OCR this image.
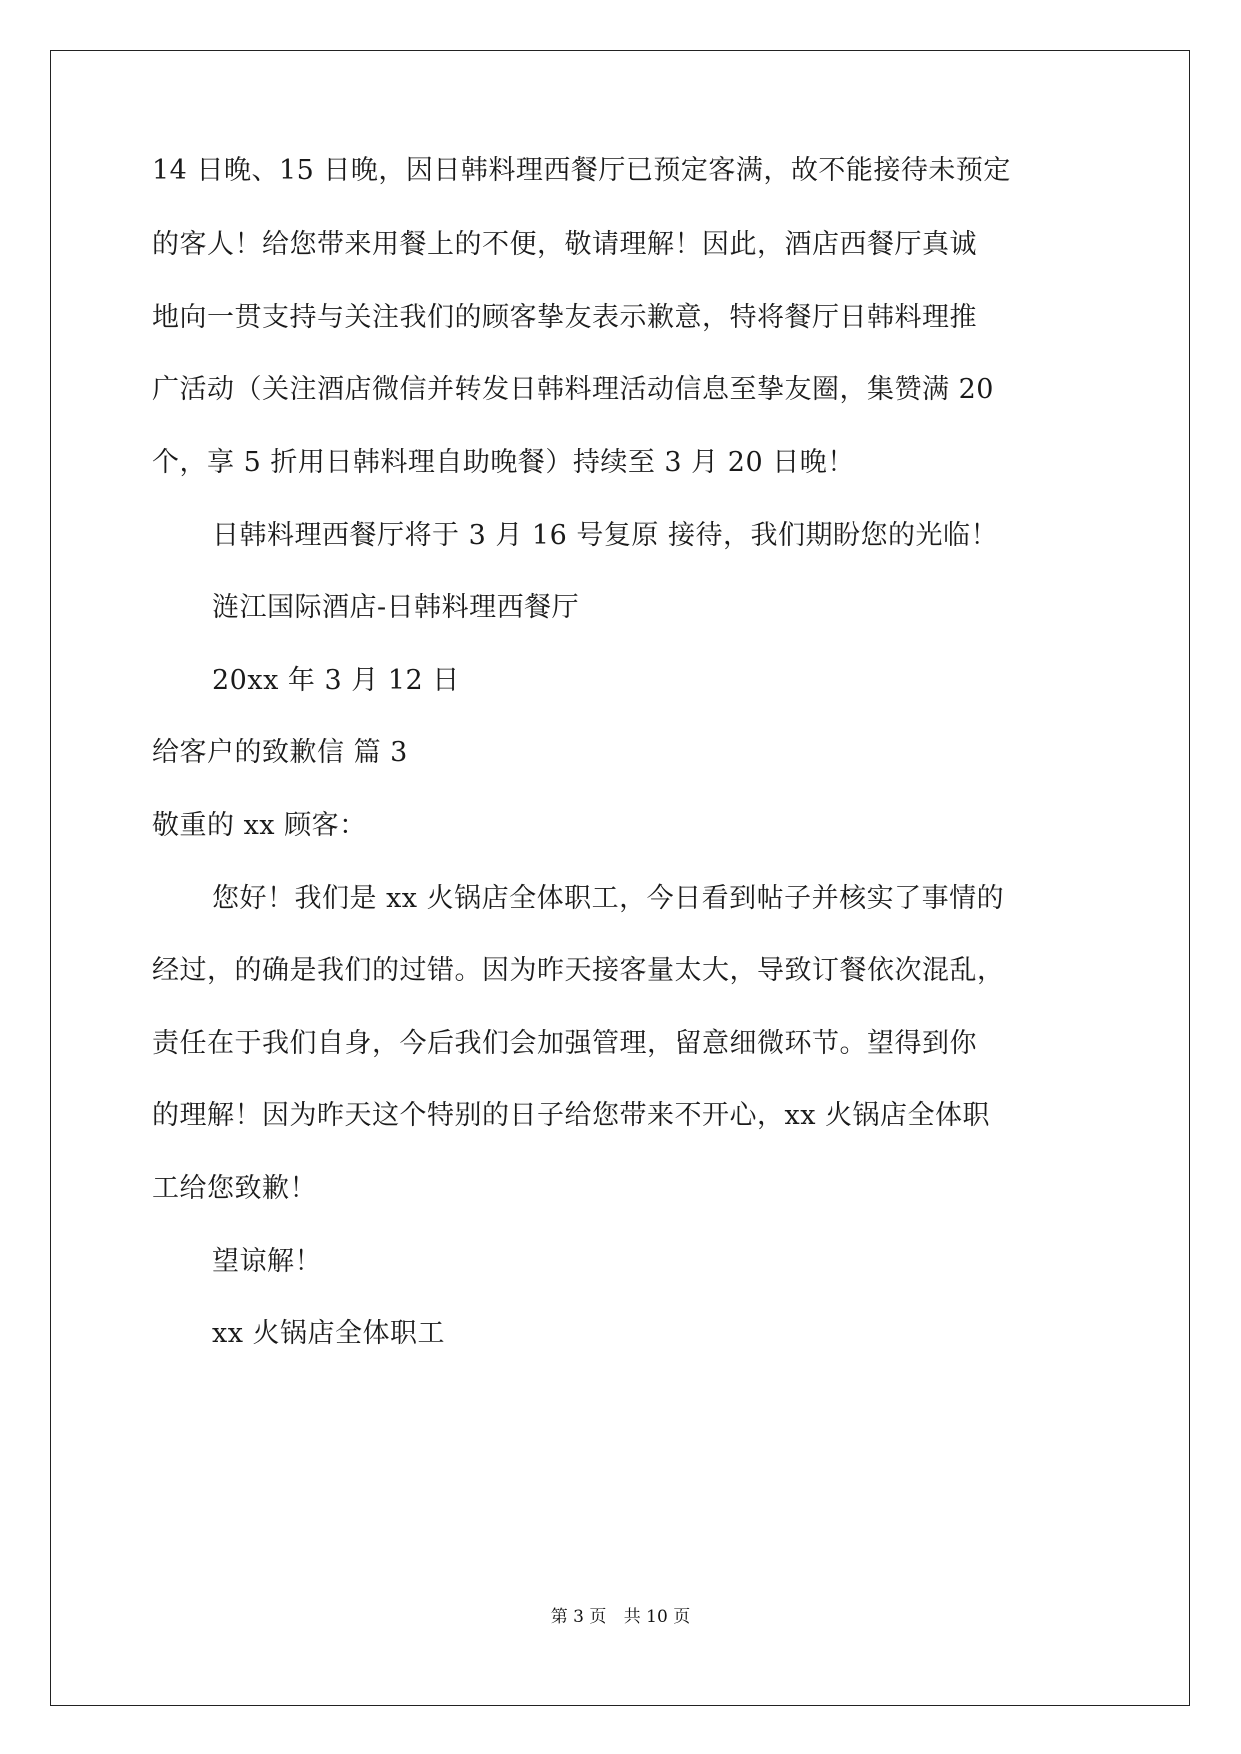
14 日晚、15 日晚，因日韩料理西餐厅已预定客满，故不能接待未预定
的客人！给您带来用餐上的不便，敬请理解！因此，酒店西餐厅真诚
地向一贯支持与关注我们的顾客挚友表示歉意，特将餐厅日韩料理推
广活动（关注酒店微信并转发日韩料理活动信息至挚友圈，集赞满 20
个，享 5 折用日韩料理自助晚餐）持续至 3 月 20 日晚！
日韩料理西餐厅将于 3 月 16 号复原 接待，我们期盼您的光临！
涟江国际酒店-日韩料理西餐厅
20xx 年 3 月 12 日
给客户的致歉信 篇 3
敬重的 xx 顾客：
您好！我们是 xx 火锅店全体职工，今日看到帖子并核实了事情的
经过，的确是我们的过错。因为昨天接客量太大，导致订餐依次混乱，
责任在于我们自身，今后我们会加强管理，留意细微环节。望得到你
的理解！因为昨天这个特别的日子给您带来不开心，xx 火锅店全体职
工给您致歉！
望谅解！
xx 火锅店全体职工
第 3 页 共 10 页
